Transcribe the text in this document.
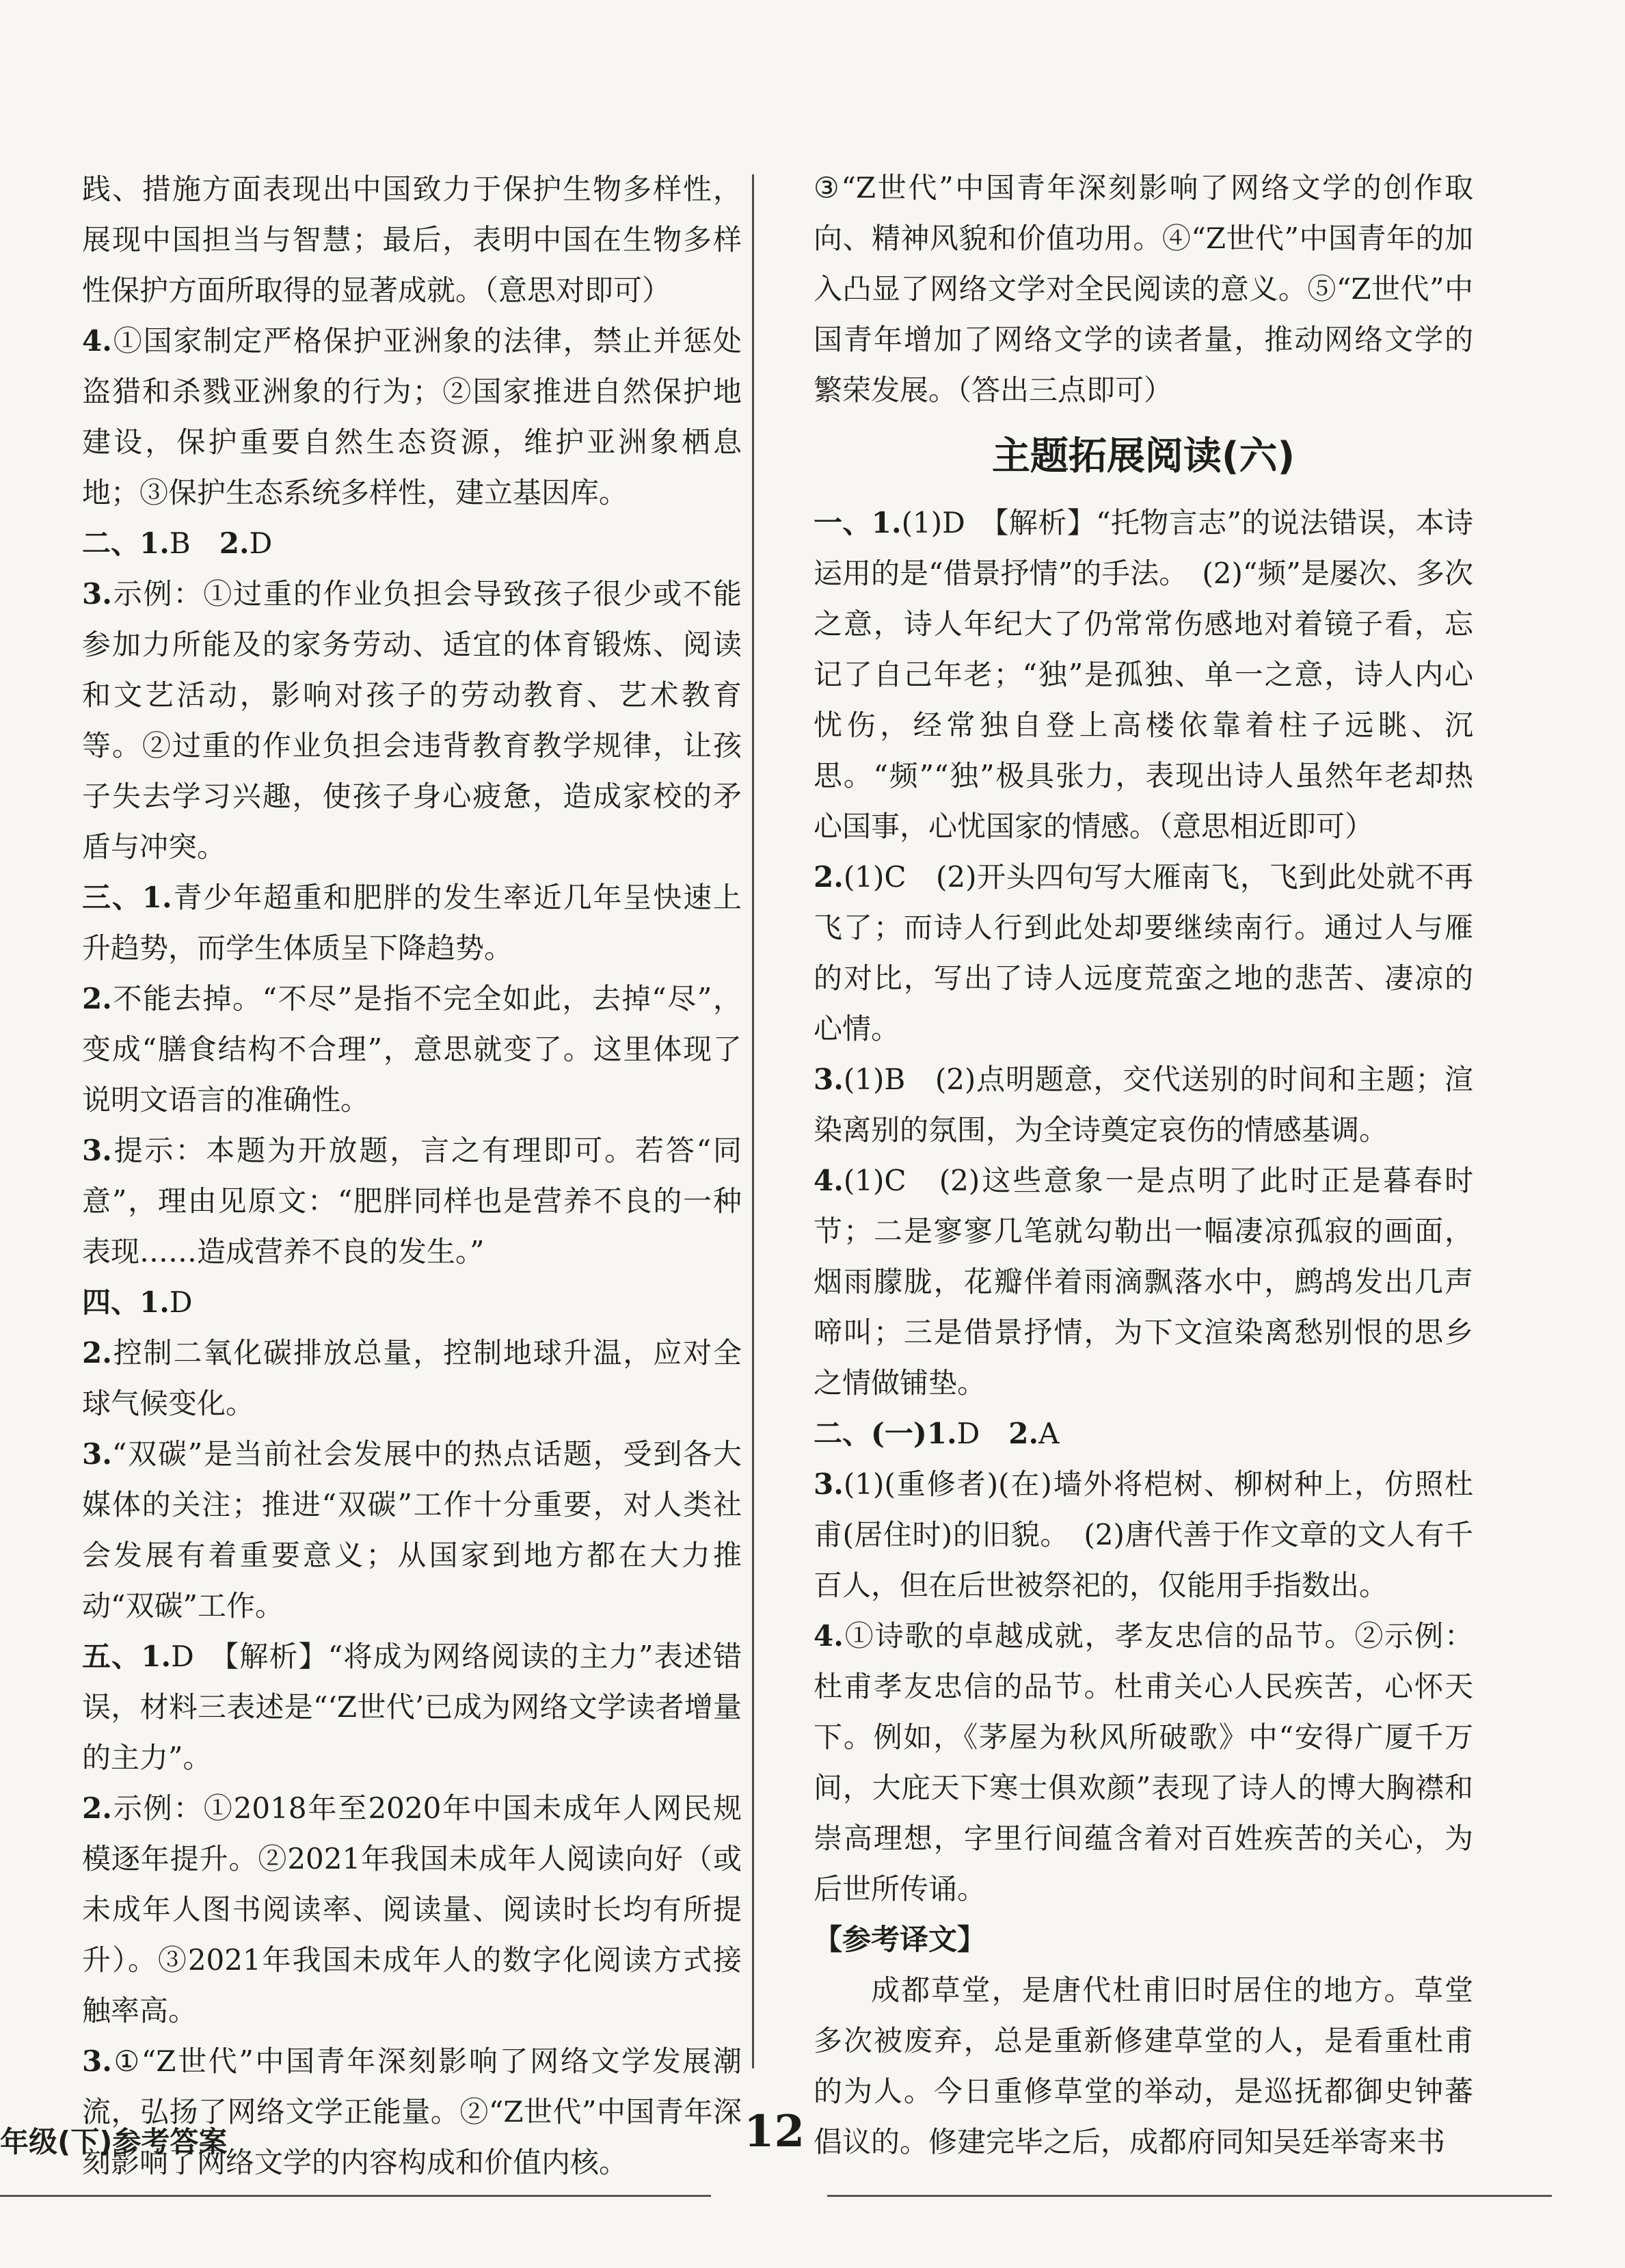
践、措施方面表现出中国致力于保护生物多样性，展现中国担当与智慧；最后，表明中国在生物多样性保护方面所取得的显著成就。（意思对即可）

4.①国家制定严格保护亚洲象的法律，禁止并惩处盗猎和杀戮亚洲象的行为；②国家推进自然保护地建设，保护重要自然生态资源，维护亚洲象栖息地；③保护生态系统多样性，建立基因库。

二、1.B　2.D

3.示例：①过重的作业负担会导致孩子很少或不能参加力所能及的家务劳动、适宜的体育锻炼、阅读和文艺活动，影响对孩子的劳动教育、艺术教育等。②过重的作业负担会违背教育教学规律，让孩子失去学习兴趣，使孩子身心疲惫，造成家校的矛盾与冲突。

三、1.青少年超重和肥胖的发生率近几年呈快速上升趋势，而学生体质呈下降趋势。

2.不能去掉。“不尽”是指不完全如此，去掉“尽”，变成“膳食结构不合理”，意思就变了。这里体现了说明文语言的准确性。

3.提示：本题为开放题，言之有理即可。若答“同意”，理由见原文：“肥胖同样也是营养不良的一种表现……造成营养不良的发生。”

四、1.D

2.控制二氧化碳排放总量，控制地球升温，应对全球气候变化。

3.“双碳”是当前社会发展中的热点话题，受到各大媒体的关注；推进“双碳”工作十分重要，对人类社会发展有着重要意义；从国家到地方都在大力推动“双碳”工作。

五、1.D　【解析】“将成为网络阅读的主力”表述错误，材料三表述是“‘Z世代’已成为网络文学读者增量的主力”。

2.示例：①2018年至2020年中国未成年人网民规模逐年提升。②2021年我国未成年人阅读向好（或未成年人图书阅读率、阅读量、阅读时长均有所提升）。③2021年我国未成年人的数字化阅读方式接触率高。

3.①“Z世代”中国青年深刻影响了网络文学发展潮流，弘扬了网络文学正能量。②“Z世代”中国青年深刻影响了网络文学的内容构成和价值内核。

③“Z世代”中国青年深刻影响了网络文学的创作取向、精神风貌和价值功用。④“Z世代”中国青年的加入凸显了网络文学对全民阅读的意义。⑤“Z世代”中国青年增加了网络文学的读者量，推动网络文学的繁荣发展。（答出三点即可）

主题拓展阅读(六)

一、1.(1)D　【解析】“托物言志”的说法错误，本诗运用的是“借景抒情”的手法。　(2)“频”是屡次、多次之意，诗人年纪大了仍常常伤感地对着镜子看，忘记了自己年老；“独”是孤独、单一之意，诗人内心忧伤，经常独自登上高楼依靠着柱子远眺、沉思。“频”“独”极具张力，表现出诗人虽然年老却热心国事，心忧国家的情感。（意思相近即可）

2.(1)C　(2)开头四句写大雁南飞，飞到此处就不再飞了；而诗人行到此处却要继续南行。通过人与雁的对比，写出了诗人远度荒蛮之地的悲苦、凄凉的心情。

3.(1)B　(2)点明题意，交代送别的时间和主题；渲染离别的氛围，为全诗奠定哀伤的情感基调。

4.(1)C　(2)这些意象一是点明了此时正是暮春时节；二是寥寥几笔就勾勒出一幅凄凉孤寂的画面，烟雨朦胧，花瓣伴着雨滴飘落水中，鹧鸪发出几声啼叫；三是借景抒情，为下文渲染离愁别恨的思乡之情做铺垫。

二、(一)1.D　2.A

3.(1)(重修者)(在)墙外将桤树、柳树种上，仿照杜甫(居住时)的旧貌。　(2)唐代善于作文章的文人有千百人，但在后世被祭祀的，仅能用手指数出。

4.①诗歌的卓越成就，孝友忠信的品节。②示例：杜甫孝友忠信的品节。杜甫关心人民疾苦，心怀天下。例如，《茅屋为秋风所破歌》中“安得广厦千万间，大庇天下寒士俱欢颜”表现了诗人的博大胸襟和崇高理想，字里行间蕴含着对百姓疾苦的关心，为后世所传诵。

【参考译文】

成都草堂，是唐代杜甫旧时居住的地方。草堂多次被废弃，总是重新修建草堂的人，是看重杜甫的为人。今日重修草堂的举动，是巡抚都御史钟蕃倡议的。修建完毕之后，成都府同知吴廷举寄来书

年级(下)参考答案	12
